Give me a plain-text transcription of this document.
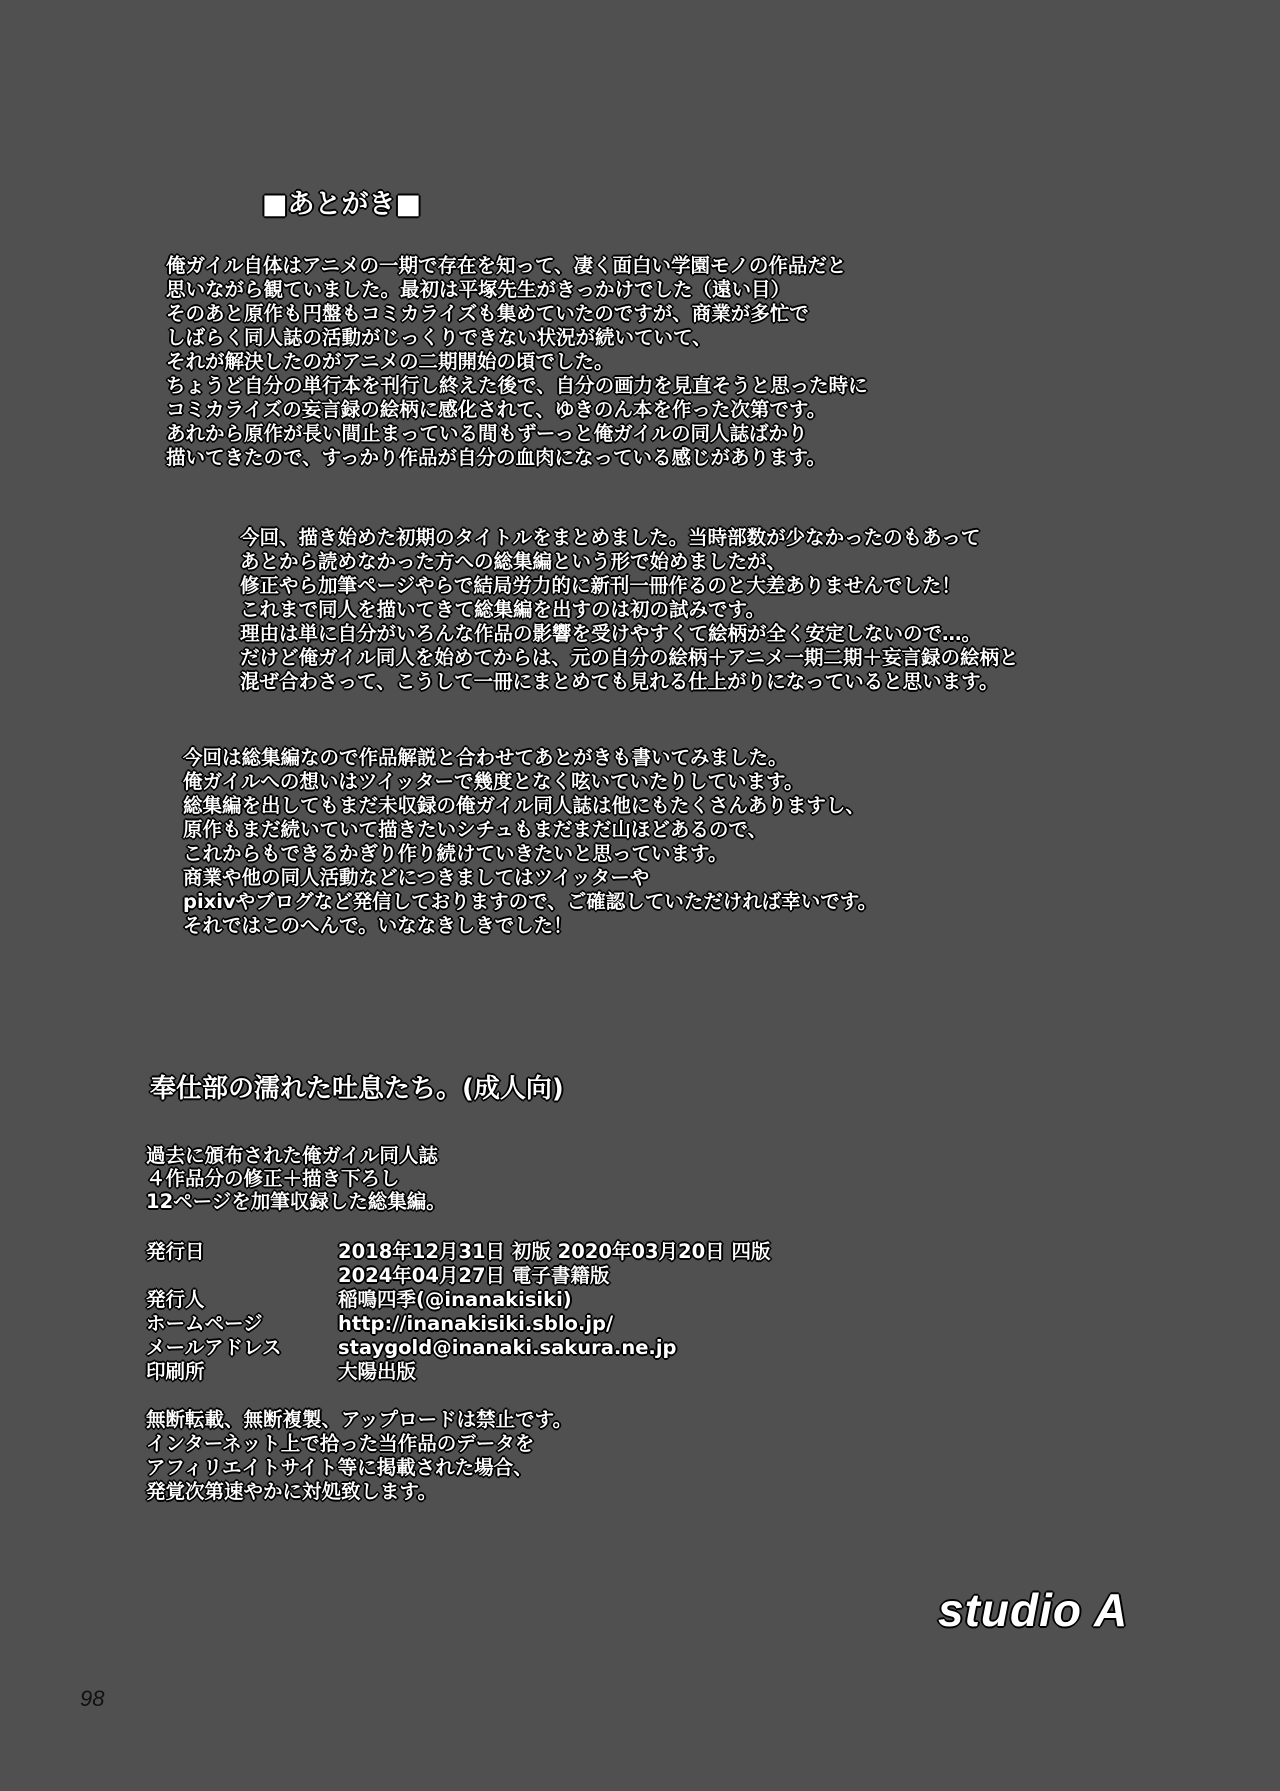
■あとがき■
俺ガイル自体はアニメの一期で存在を知って、凄く面白い学園モノの作品だと
思いながら観ていました。最初は平塚先生がきっかけでした（遠い目）
そのあと原作も円盤もコミカライズも集めていたのですが、商業が多忙で
しばらく同人誌の活動がじっくりできない状況が続いていて、
それが解決したのがアニメの二期開始の頃でした。
ちょうど自分の単行本を刊行し終えた後で、自分の画力を見直そうと思った時に
コミカライズの妄言録の絵柄に感化されて、ゆきのん本を作った次第です。
あれから原作が長い間止まっている間もずーっと俺ガイルの同人誌ばかり
描いてきたので、すっかり作品が自分の血肉になっている感じがあります。
今回、描き始めた初期のタイトルをまとめました。当時部数が少なかったのもあって
あとから読めなかった方への総集編という形で始めましたが、
修正やら加筆ページやらで結局労力的に新刊一冊作るのと大差ありませんでした！
これまで同人を描いてきて総集編を出すのは初の試みです。
理由は単に自分がいろんな作品の影響を受けやすくて絵柄が全く安定しないので…。
だけど俺ガイル同人を始めてからは、元の自分の絵柄＋アニメ一期二期＋妄言録の絵柄と
混ぜ合わさって、こうして一冊にまとめても見れる仕上がりになっていると思います。
今回は総集編なので作品解説と合わせてあとがきも書いてみました。
俺ガイルへの想いはツイッターで幾度となく呟いていたりしています。
総集編を出してもまだ未収録の俺ガイル同人誌は他にもたくさんありますし、
原作もまだ続いていて描きたいシチュもまだまだ山ほどあるので、
これからもできるかぎり作り続けていきたいと思っています。
商業や他の同人活動などにつきましてはツイッターや
pixivやブログなど発信しておりますので、ご確認していただければ幸いです。
それではこのへんで。いななきしきでした！
奉仕部の濡れた吐息たち。(成人向)
過去に頒布された俺ガイル同人誌
４作品分の修正＋描き下ろし
12ページを加筆収録した総集編。
発行日	2018年12月31日 初版 2020年03月20日 四版
2024年04月27日 電子書籍版
発行人	稲鳴四季(@inanakisiki)
ホームページ	http://inanakisiki.sblo.jp/
メールアドレス	staygold@inanaki.sakura.ne.jp
印刷所	大陽出版
無断転載、無断複製、アップロードは禁止です。
インターネット上で拾った当作品のデータを
アフィリエイトサイト等に掲載された場合、
発覚次第速やかに対処致します。
studio A
98
